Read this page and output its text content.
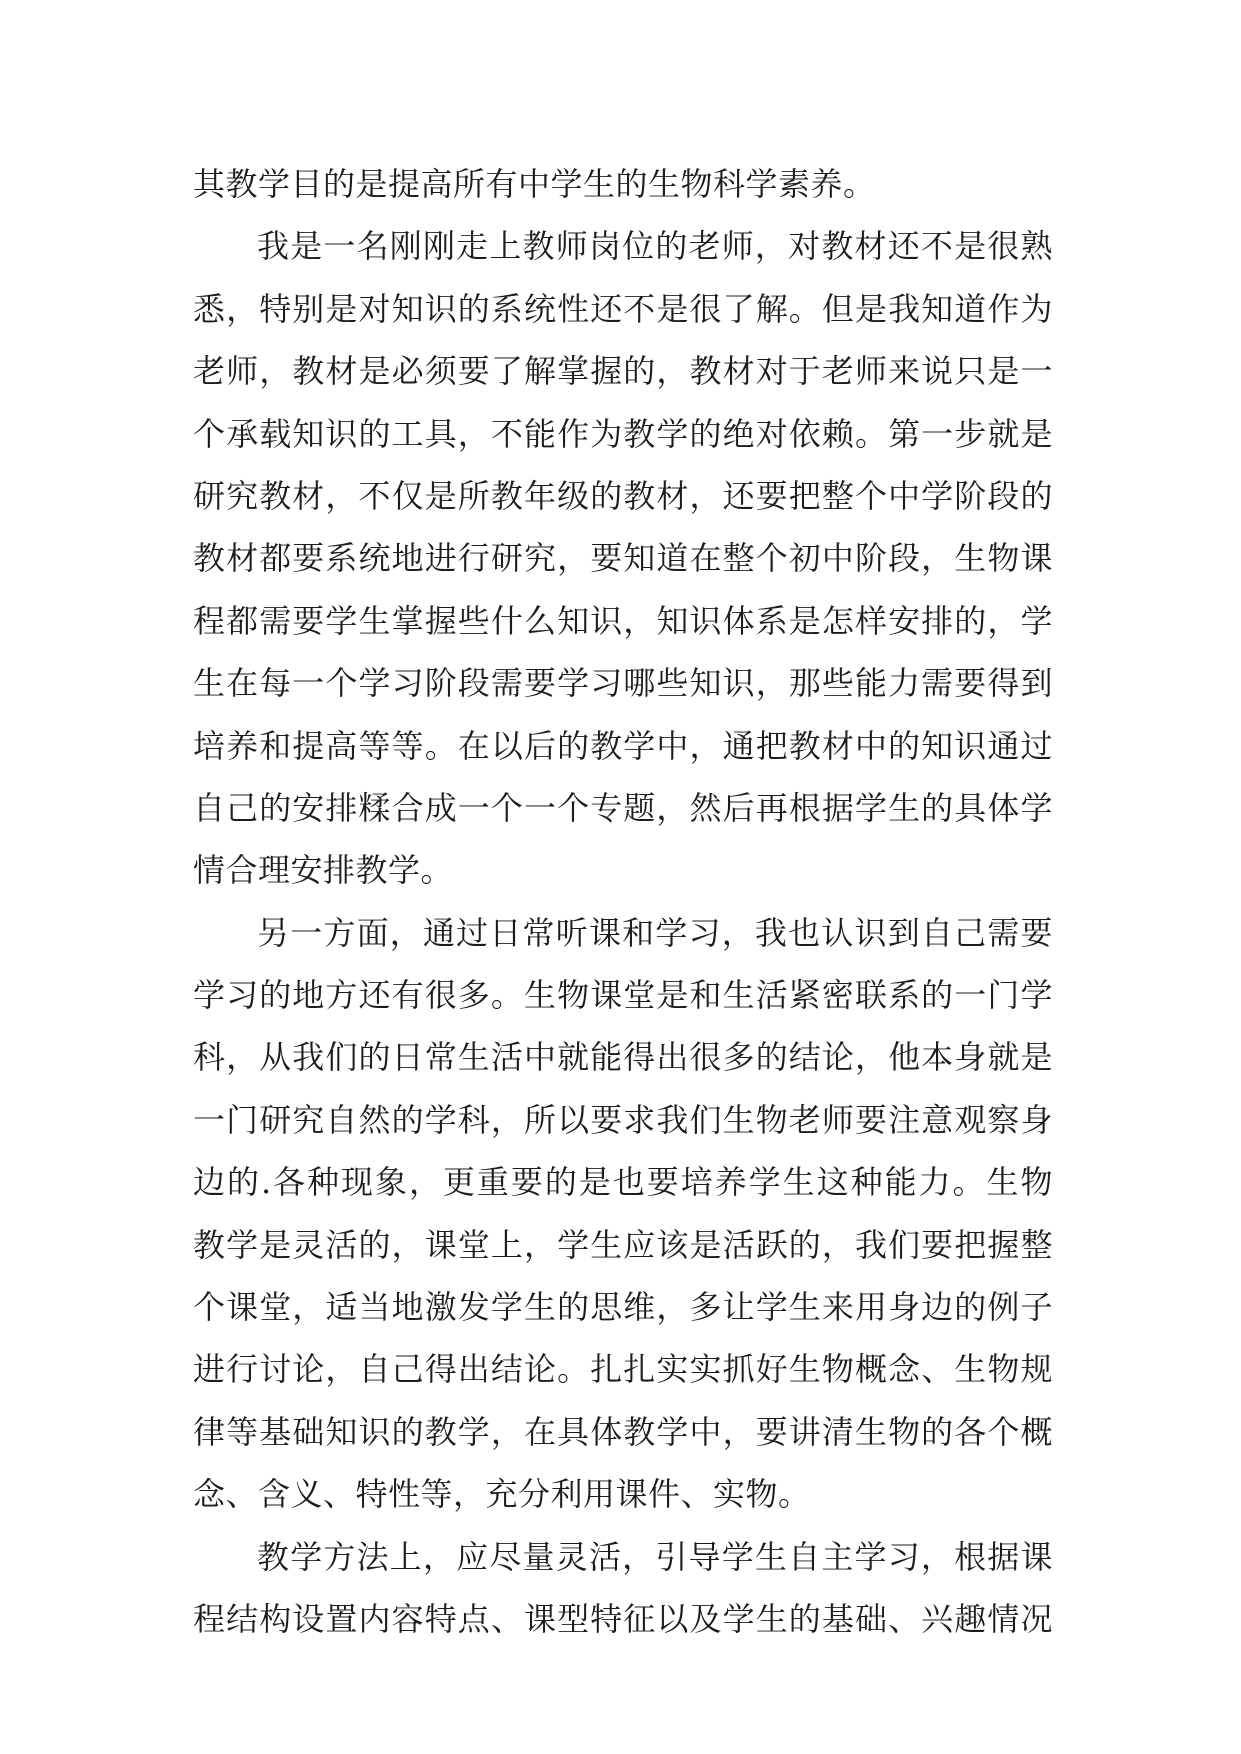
其教学目的是提高所有中学生的生物科学素养。
我是一名刚刚走上教师岗位的老师，对教材还不是很熟
悉，特别是对知识的系统性还不是很了解。但是我知道作为
老师，教材是必须要了解掌握的，教材对于老师来说只是一
个承载知识的工具，不能作为教学的绝对依赖。第一步就是
研究教材，不仅是所教年级的教材，还要把整个中学阶段的
教材都要系统地进行研究，要知道在整个初中阶段，生物课
程都需要学生掌握些什么知识，知识体系是怎样安排的，学
生在每一个学习阶段需要学习哪些知识，那些能力需要得到
培养和提高等等。在以后的教学中，通把教材中的知识通过
自己的安排糅合成一个一个专题，然后再根据学生的具体学
情合理安排教学。
另一方面，通过日常听课和学习，我也认识到自己需要
学习的地方还有很多。生物课堂是和生活紧密联系的一门学
科，从我们的日常生活中就能得出很多的结论，他本身就是
一门研究自然的学科，所以要求我们生物老师要注意观察身
边的.各种现象，更重要的是也要培养学生这种能力。生物
教学是灵活的，课堂上，学生应该是活跃的，我们要把握整
个课堂，适当地激发学生的思维，多让学生来用身边的例子
进行讨论，自己得出结论。扎扎实实抓好生物概念、生物规
律等基础知识的教学，在具体教学中，要讲清生物的各个概
念、含义、特性等，充分利用课件、实物。
教学方法上，应尽量灵活，引导学生自主学习，根据课
程结构设置内容特点、课型特征以及学生的基础、兴趣情况
